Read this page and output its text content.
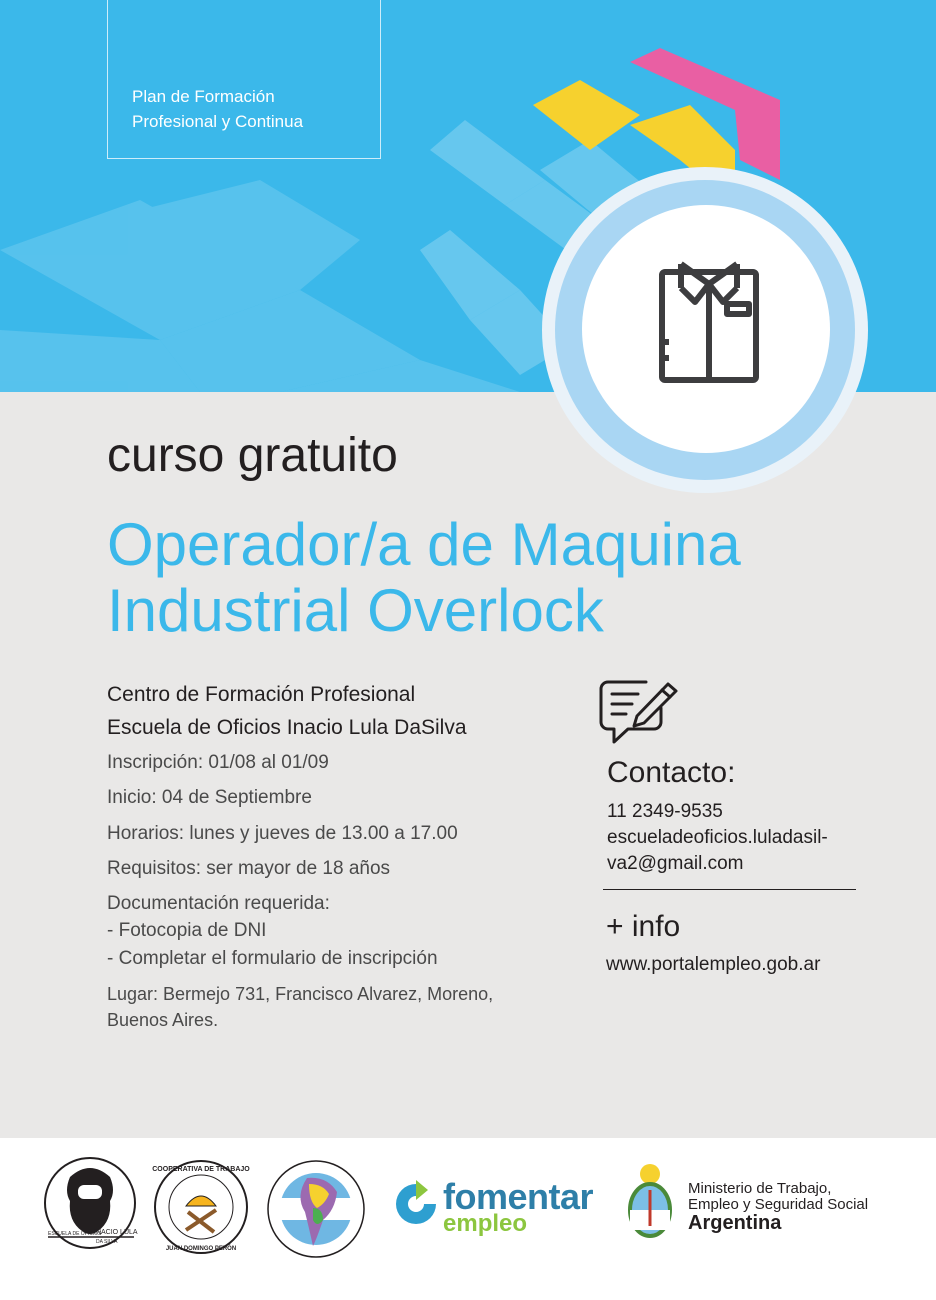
Plan de Formación
Profesional y Continua
curso gratuito
Operador/a de Maquina
Industrial Overlock
Centro de Formación Profesional
Escuela de Oficios Inacio Lula DaSilva
Inscripción: 01/08 al 01/09
Inicio: 04 de Septiembre
Horarios: lunes y jueves de 13.00 a 17.00
Requisitos: ser mayor de 18 años
Documentación requerida:
- Fotocopia de DNI
- Completar el formulario de inscripción
Lugar: Bermejo 731, Francisco Alvarez, Moreno,
Buenos Aires.
Contacto:
11 2349-9535
escueladeoficios.luladasil-
va2@gmail.com
+ info
www.portalempleo.gob.ar
ESCUELA DE OFICIOS
INACIO LULA
DA SILVA
COOPERATIVA DE TRABAJO
JUAN DOMINGO PERÓN
fomentar
empleo
Ministerio de Trabajo,
Empleo y Seguridad Social
Argentina
